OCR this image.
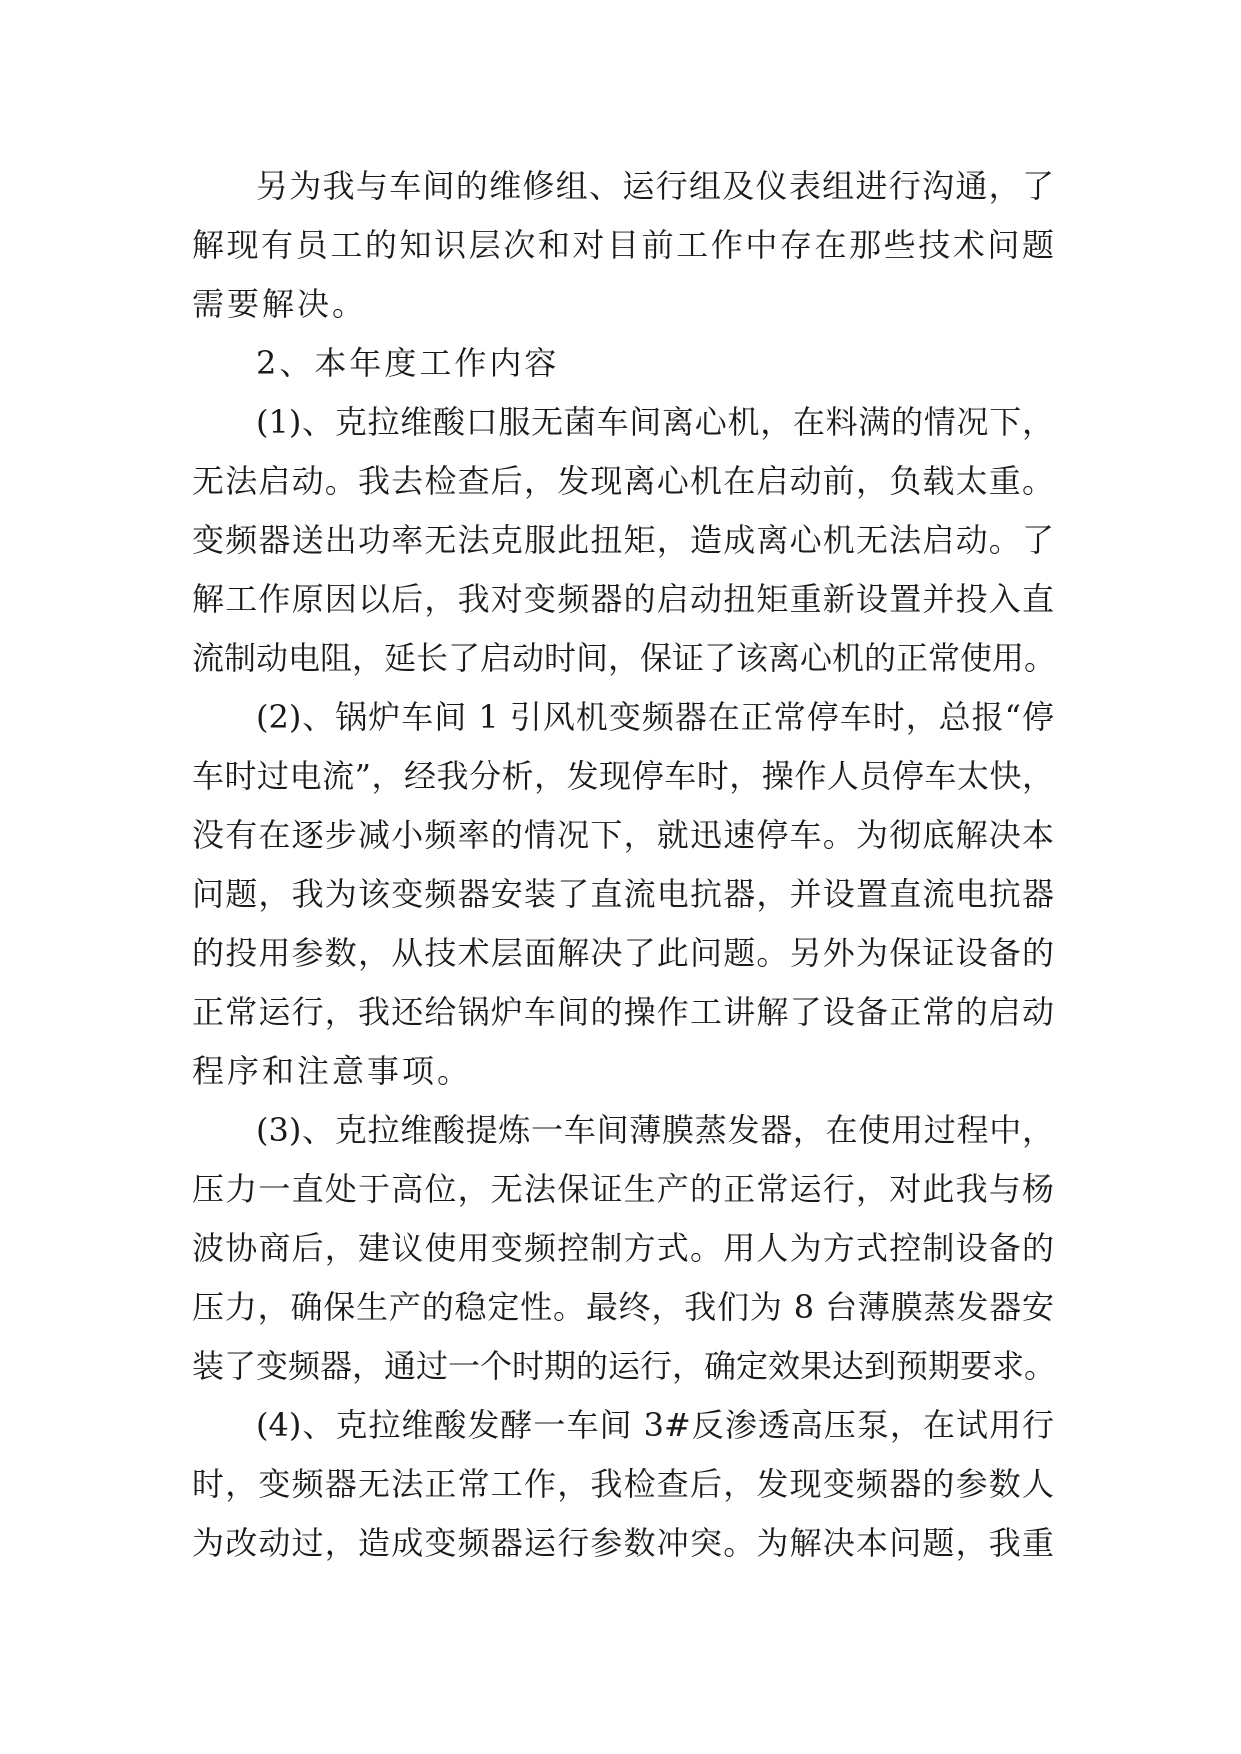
另为我与车间的维修组、运行组及仪表组进行沟通，了
解现有员工的知识层次和对目前工作中存在那些技术问题
需要解决。
2、本年度工作内容
(1)、克拉维酸口服无菌车间离心机，在料满的情况下，
无法启动。我去检查后，发现离心机在启动前，负载太重。
变频器送出功率无法克服此扭矩，造成离心机无法启动。了
解工作原因以后，我对变频器的启动扭矩重新设置并投入直
流制动电阻，延长了启动时间，保证了该离心机的正常使用。
(2)、锅炉车间 1 引风机变频器在正常停车时，总报“停
车时过电流”，经我分析，发现停车时，操作人员停车太快，
没有在逐步减小频率的情况下，就迅速停车。为彻底解决本
问题，我为该变频器安装了直流电抗器，并设置直流电抗器
的投用参数，从技术层面解决了此问题。另外为保证设备的
正常运行，我还给锅炉车间的操作工讲解了设备正常的启动
程序和注意事项。
(3)、克拉维酸提炼一车间薄膜蒸发器，在使用过程中，
压力一直处于高位，无法保证生产的正常运行，对此我与杨
波协商后，建议使用变频控制方式。用人为方式控制设备的
压力，确保生产的稳定性。最终，我们为 8 台薄膜蒸发器安
装了变频器，通过一个时期的运行，确定效果达到预期要求。
(4)、克拉维酸发酵一车间 3#反渗透高压泵，在试用行
时，变频器无法正常工作，我检查后，发现变频器的参数人
为改动过，造成变频器运行参数冲突。为解决本问题，我重
